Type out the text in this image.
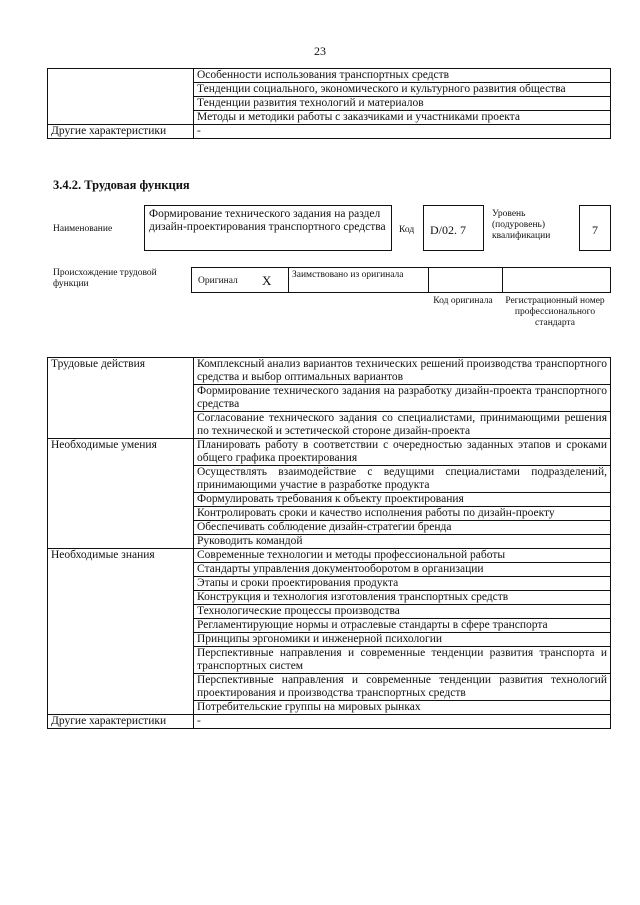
23
	Особенности использования транспортных средств
	Тенденции социального, экономического и культурного развития общества
	Тенденции развития технологий и материалов
	Методы и методики работы с заказчиками и участниками проекта
Другие характеристики	-
3.4.2. Трудовая функция
Наименование
Формирование технического задания на раздел дизайн-проектирования транспортного средства	Код	D/02. 7
Уровень (подуровень) квалификации	7
Происхождение трудовой функции	Оригинал X Заимствовано из оригинала
Код оригинала	Регистрационный номер профессионального стандарта
Трудовые действия	Комплексный анализ вариантов технических решений производства транспортного средства и выбор оптимальных вариантов
	Формирование технического задания на разработку дизайн-проекта транспортного средства
	Согласование технического задания со специалистами, принимающими решения по технической и эстетической стороне дизайн-проекта
Необходимые умения	Планировать работу в соответствии с очередностью заданных этапов и сроками общего графика проектирования
	Осуществлять взаимодействие с ведущими специалистами подразделений, принимающими участие в разработке продукта
	Формулировать требования к объекту проектирования
	Контролировать сроки и качество исполнения работы по дизайн-проекту
	Обеспечивать соблюдение дизайн-стратегии бренда
	Руководить командой
Необходимые знания	Современные технологии и методы профессиональной работы
	Стандарты управления документооборотом в организации
	Этапы и сроки проектирования продукта
	Конструкция и технология изготовления транспортных средств
	Технологические процессы производства
	Регламентирующие нормы и отраслевые стандарты в сфере транспорта
	Принципы эргономики и инженерной психологии
	Перспективные направления и современные тенденции развития транспорта и транспортных систем
	Перспективные направления и современные тенденции развития технологий проектирования и производства транспортных средств
	Потребительские группы на мировых рынках
Другие характеристики	-
